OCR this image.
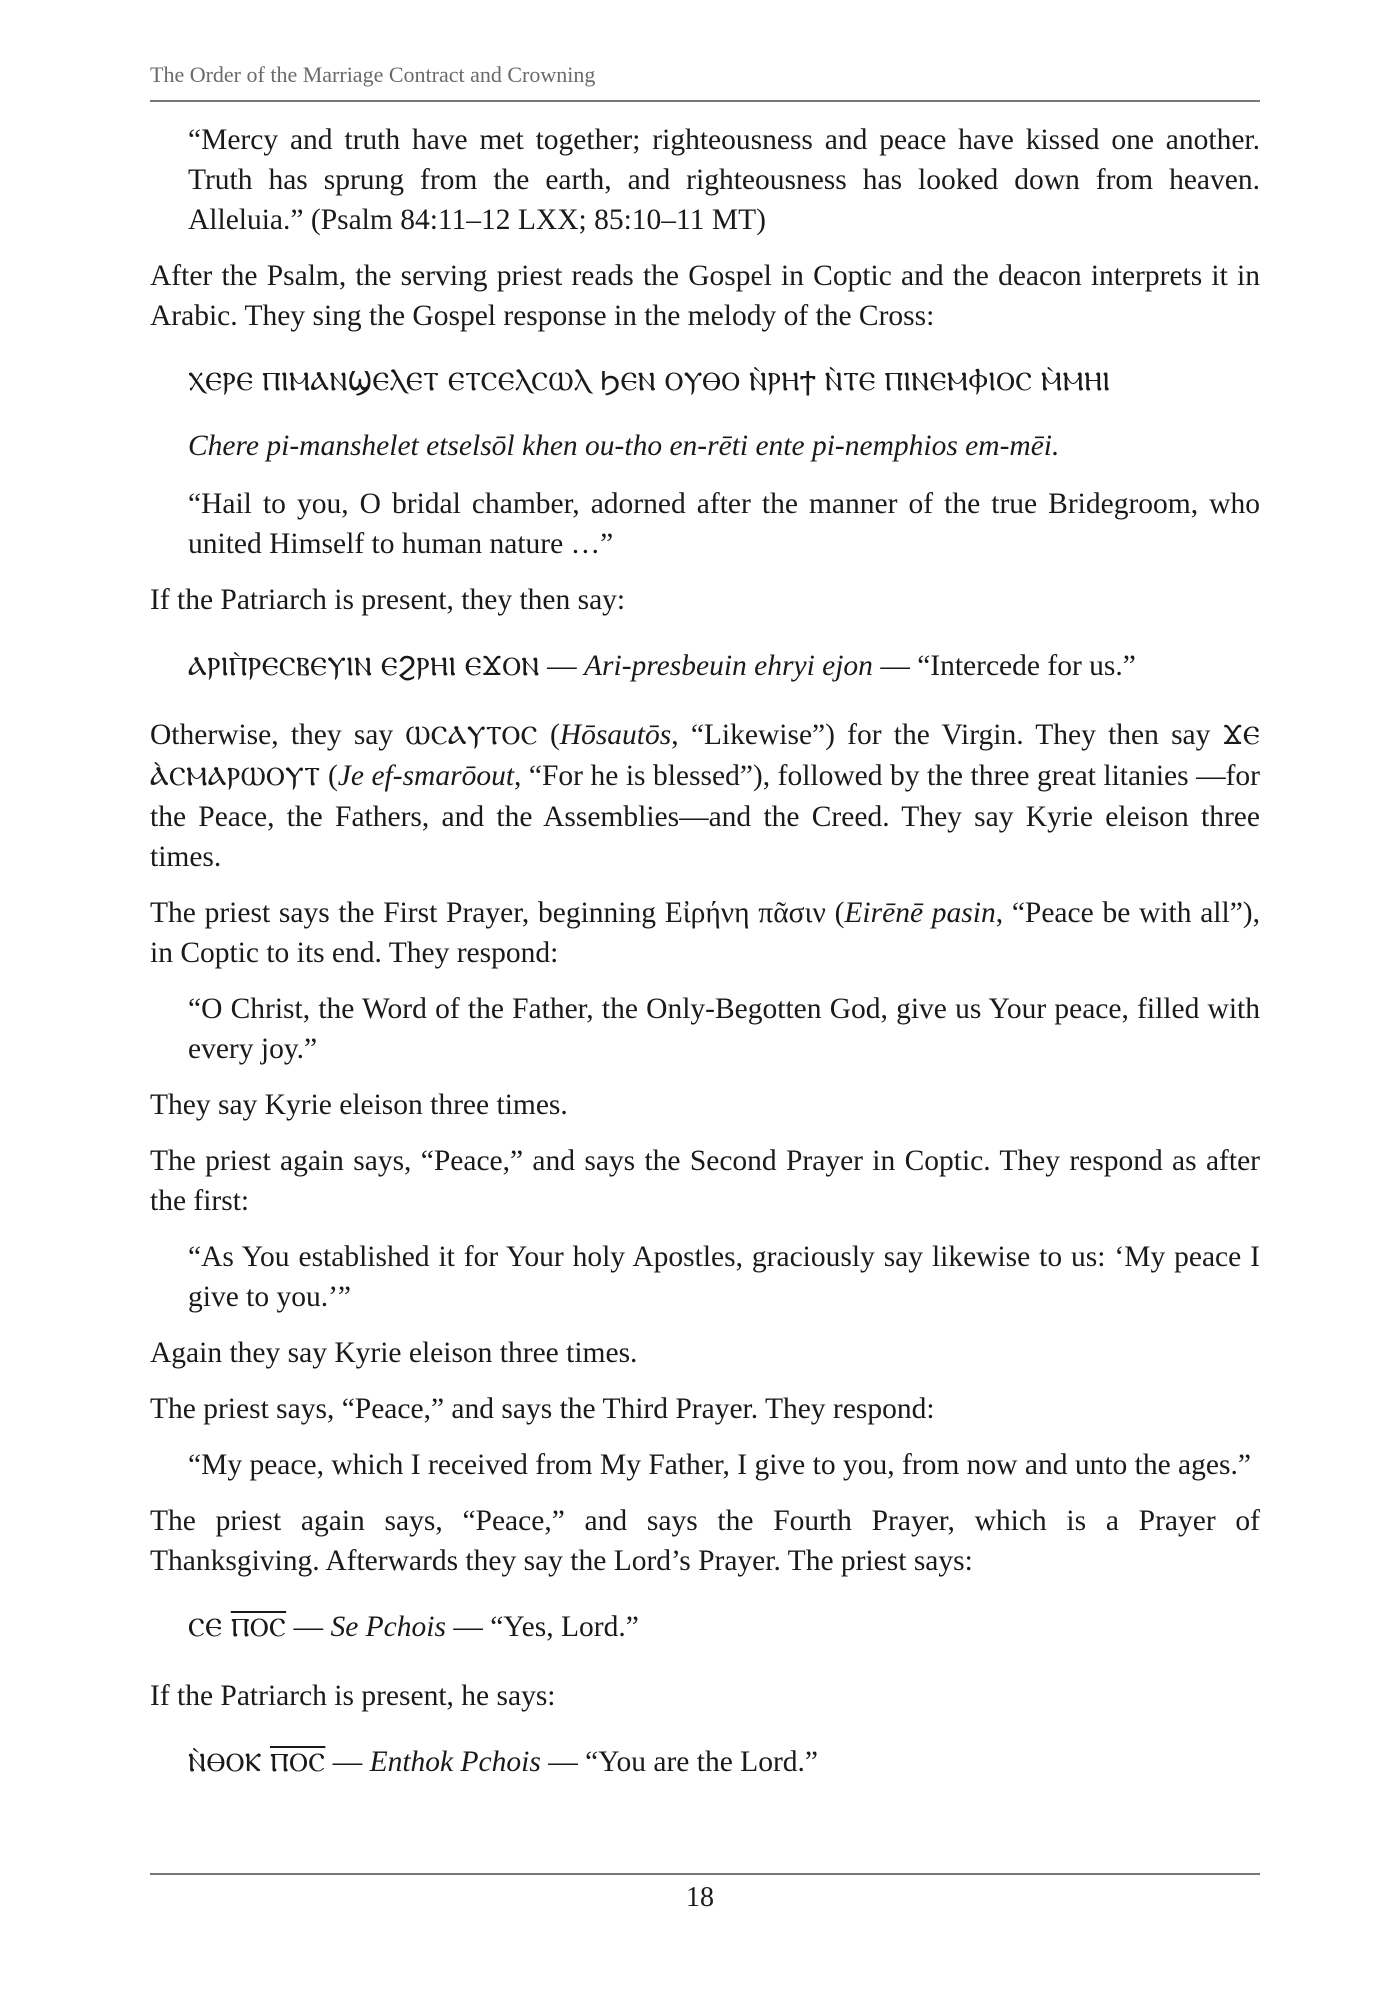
The Order of the Marriage Contract and Crowning

“Mercy and truth have met together; righteousness and peace have kissed one another. Truth has sprung from the earth, and righteousness has looked down from heaven. Alleluia.” (Psalm 84:11–12 LXX; 85:10–11 MT)

After the Psalm, the serving priest reads the Gospel in Coptic and the deacon interprets it in Arabic. They sing the Gospel response in the melody of the Cross:

ⲬⲈⲢⲈ ⲠⲒⲘⲀⲚϢⲈⲖⲈⲦ ⲈⲦⲤⲈⲖⲤⲰⲖ ϦⲈⲚ ⲞⲨⲐⲞ Ⲛ̀ⲢⲎϮ Ⲛ̀ⲦⲈ ⲠⲒⲚⲈⲘⲪⲒⲞⲤ Ⲙ̀ⲘⲎⲒ

Chere pi-manshelet etselsōl khen ou-tho en-rēti ente pi-nemphios em-mēi.

“Hail to you, O bridal chamber, adorned after the manner of the true Bridegroom, who united Himself to human nature …”

If the Patriarch is present, they then say:

ⲀⲢⲒⲠ̀ⲢⲈⲤⲂⲈⲨⲒⲚ ⲈϨⲢⲎⲒ ⲈϪⲞⲚ — Ari-presbeuin ehryi ejon — “Intercede for us.”

Otherwise, they say ⲰⲤⲀⲨⲦⲞⲤ (Hōsautōs, “Likewise”) for the Virgin. They then say ϪⲈ Ⲁ̀ⲤⲘⲀⲢⲰⲞⲨⲦ (Je ef-smarōout, “For he is blessed”), followed by the three great litanies —for the Peace, the Fathers, and the Assemblies—and the Creed. They say Kyrie eleison three times.

The priest says the First Prayer, beginning Εἰρήνη πᾶσιν (Eirēnē pasin, “Peace be with all”), in Coptic to its end. They respond:

“O Christ, the Word of the Father, the Only-Begotten God, give us Your peace, filled with every joy.”

They say Kyrie eleison three times.

The priest again says, “Peace,” and says the Second Prayer in Coptic. They respond as after the first:

“As You established it for Your holy Apostles, graciously say likewise to us: ‘My peace I give to you.’”

Again they say Kyrie eleison three times.

The priest says, “Peace,” and says the Third Prayer. They respond:

“My peace, which I received from My Father, I give to you, from now and unto the ages.”

The priest again says, “Peace,” and says the Fourth Prayer, which is a Prayer of Thanksgiving. Afterwards they say the Lord’s Prayer. The priest says:

ⲤⲈ ⲠⲞⲤ — Se Pchois — “Yes, Lord.”

If the Patriarch is present, he says:

Ⲛ̀ⲐⲞⲔ ⲠⲞⲤ — Enthok Pchois — “You are the Lord.”

18
